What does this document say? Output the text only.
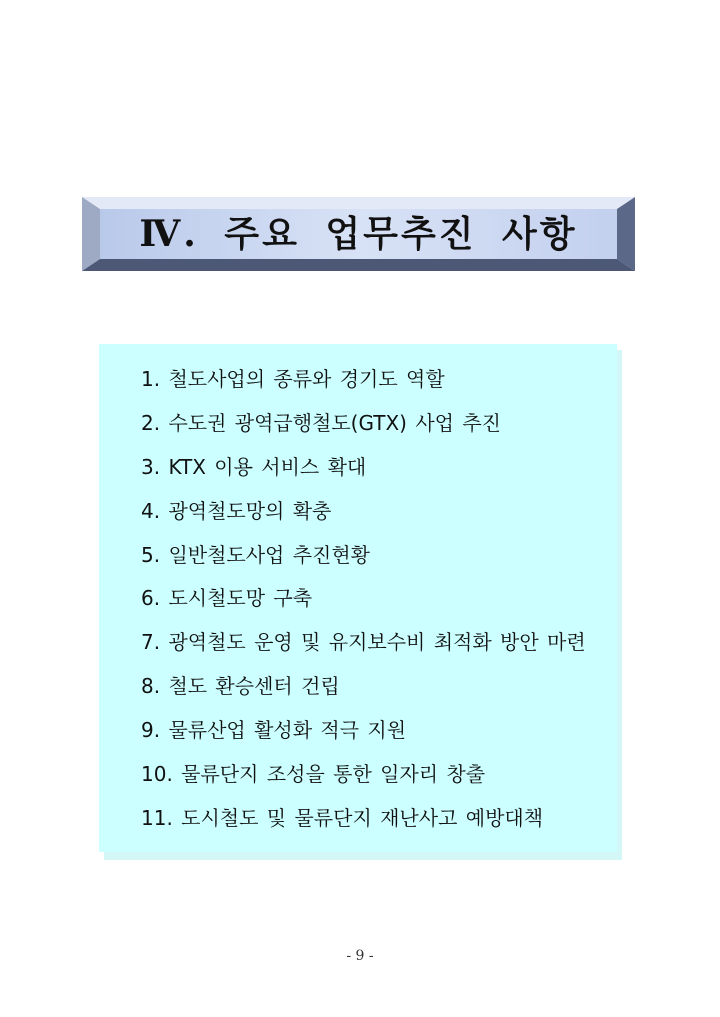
Ⅳ. 주요 업무추진 사항
1. 철도사업의 종류와 경기도 역할
2. 수도권 광역급행철도(GTX) 사업 추진
3. KTX 이용 서비스 확대
4. 광역철도망의 확충
5. 일반철도사업 추진현황
6. 도시철도망 구축
7. 광역철도 운영 및 유지보수비 최적화 방안 마련
8. 철도 환승센터 건립
9. 물류산업 활성화 적극 지원
10. 물류단지 조성을 통한 일자리 창출
11. 도시철도 및 물류단지 재난사고 예방대책
- 9 -
